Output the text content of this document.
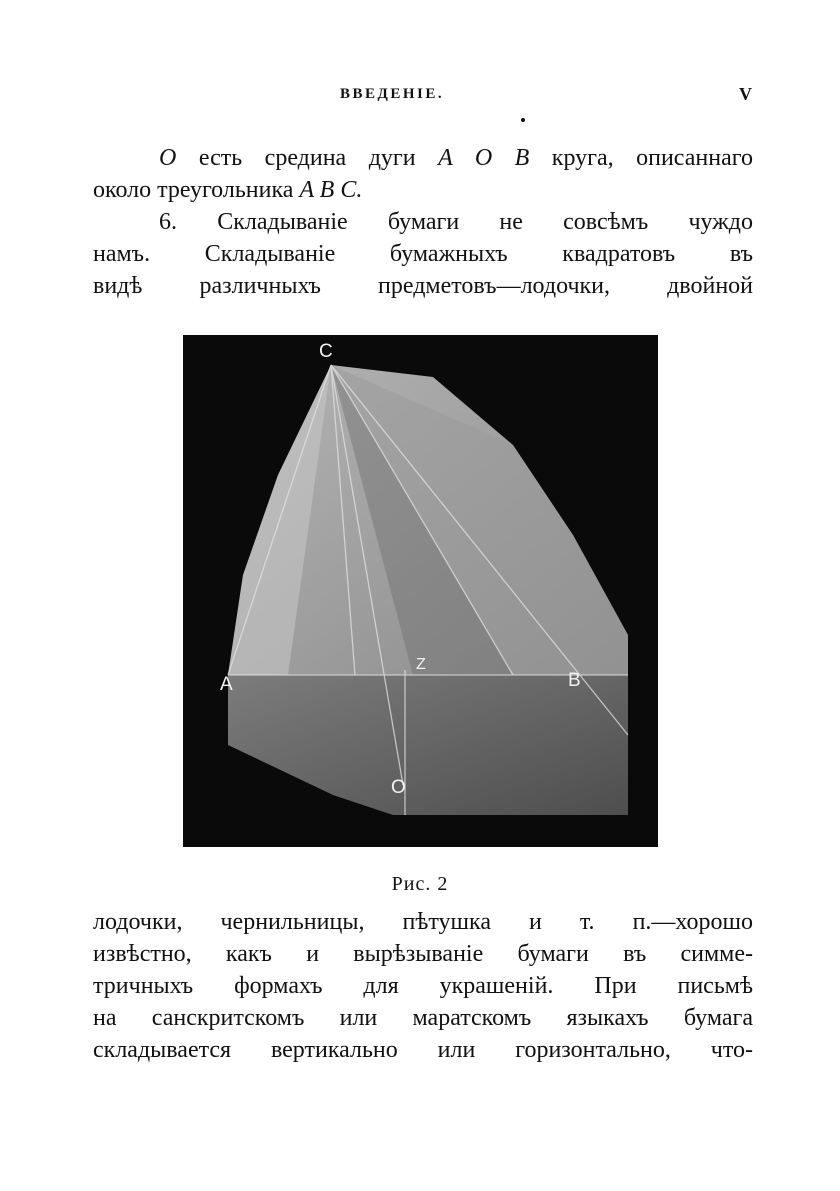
ВВЕДЕНІЕ.	V
O есть средина дуги A O B круга, описаннаго
около треугольника A B C.
6. Складываніе бумаги не совсѣмъ чуждо
намъ. Складываніе бумажныхъ квадратовъ въ
видѣ различныхъ предметовъ—лодочки, двойной
C
A
Z
B
O
Рис. 2
лодочки, чернильницы, пѣтушка и т. п.—хорошо
извѣстно, какъ и вырѣзываніе бумаги въ симме-
тричныхъ формахъ для украшеній. При письмѣ
на санскритскомъ или маратскомъ языкахъ бумага
складывается вертикально или горизонтально, что-
